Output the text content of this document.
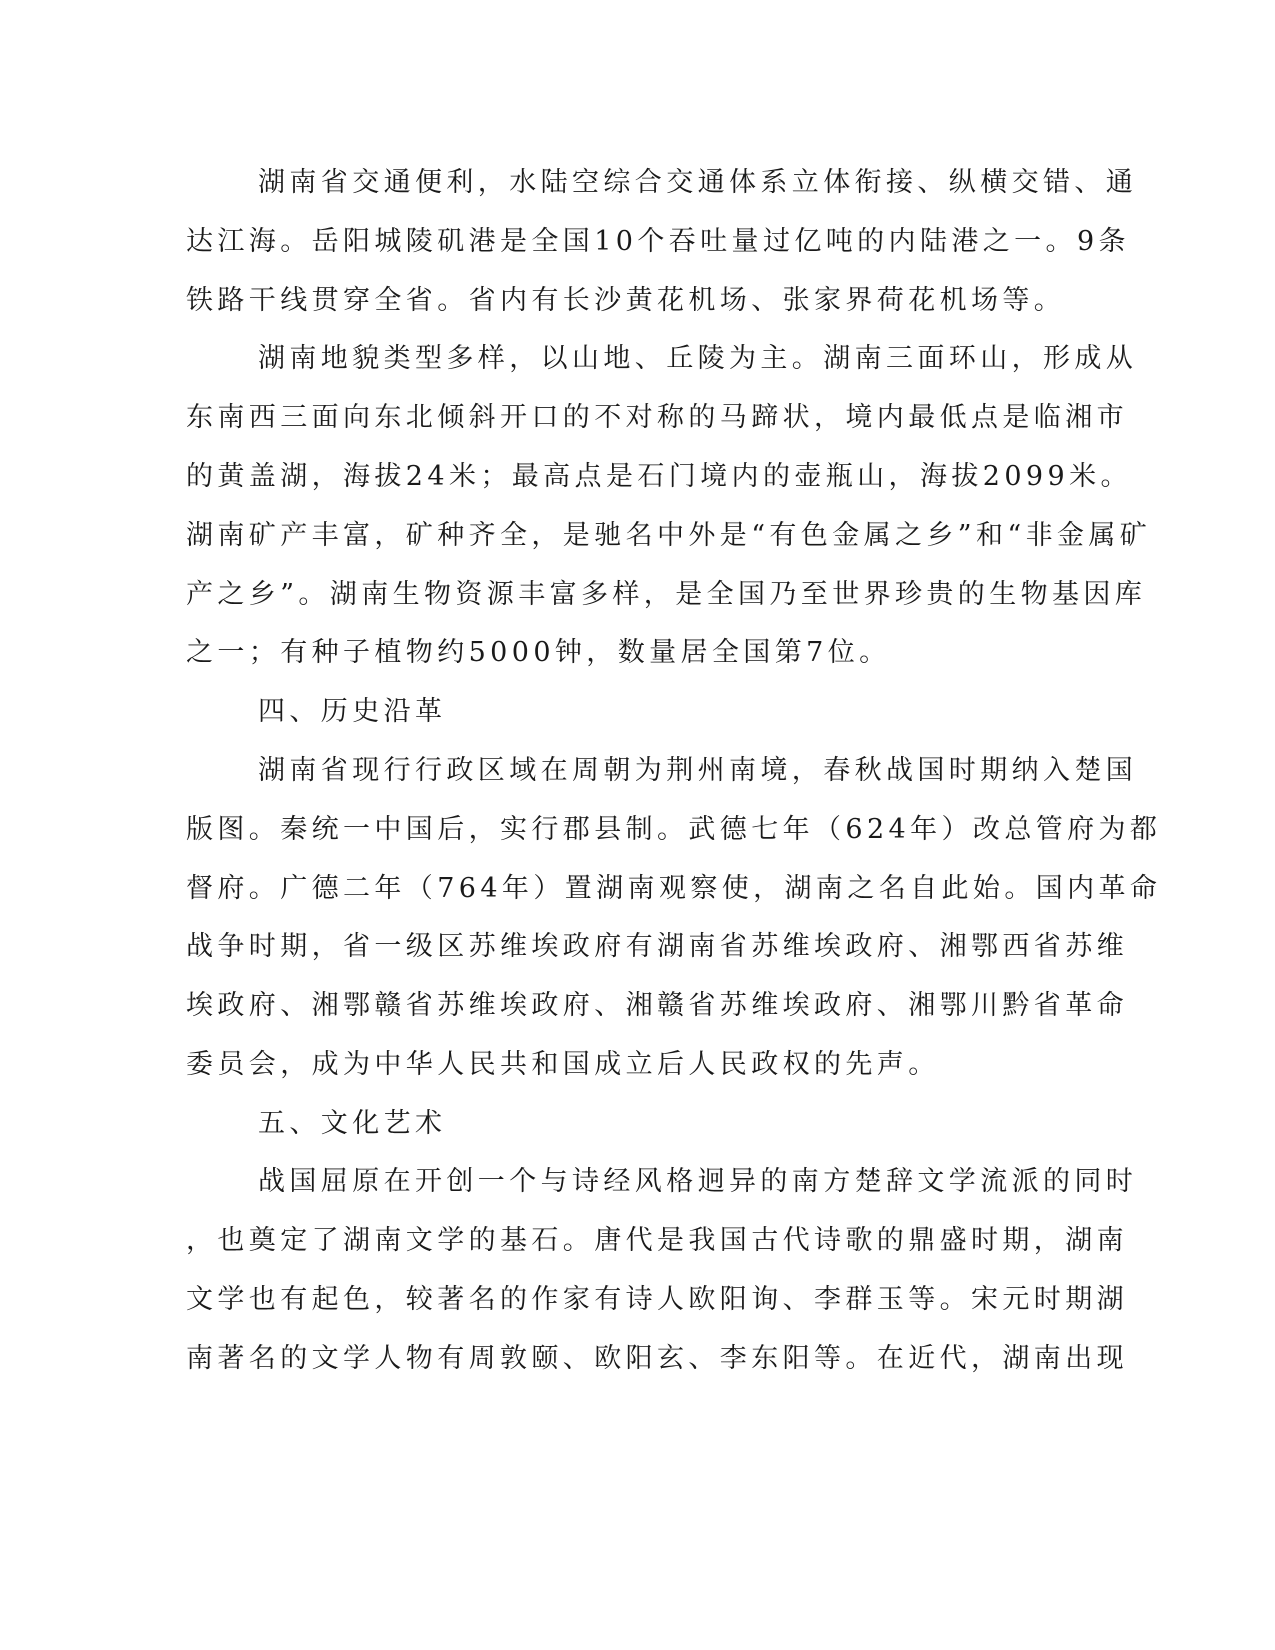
湖南省交通便利，水陆空综合交通体系立体衔接、纵横交错、通

达江海。岳阳城陵矶港是全国10个吞吐量过亿吨的内陆港之一。9条

铁路干线贯穿全省。省内有长沙黄花机场、张家界荷花机场等。

湖南地貌类型多样，以山地、丘陵为主。湖南三面环山，形成从

东南西三面向东北倾斜开口的不对称的马蹄状，境内最低点是临湘市

的黄盖湖，海拔24米；最高点是石门境内的壶瓶山，海拔2099米。

湖南矿产丰富，矿种齐全，是驰名中外是“有色金属之乡”和“非金属矿

产之乡”。湖南生物资源丰富多样，是全国乃至世界珍贵的生物基因库

之一；有种子植物约5000钟，数量居全国第7位。

四、历史沿革

湖南省现行行政区域在周朝为荆州南境，春秋战国时期纳入楚国

版图。秦统一中国后，实行郡县制。武德七年（624年）改总管府为都

督府。广德二年（764年）置湖南观察使，湖南之名自此始。国内革命

战争时期，省一级区苏维埃政府有湖南省苏维埃政府、湘鄂西省苏维

埃政府、湘鄂赣省苏维埃政府、湘赣省苏维埃政府、湘鄂川黔省革命

委员会，成为中华人民共和国成立后人民政权的先声。

五、文化艺术

战国屈原在开创一个与诗经风格迥异的南方楚辞文学流派的同时

，也奠定了湖南文学的基石。唐代是我国古代诗歌的鼎盛时期，湖南

文学也有起色，较著名的作家有诗人欧阳询、李群玉等。宋元时期湖

南著名的文学人物有周敦颐、欧阳玄、李东阳等。在近代，湖南出现
